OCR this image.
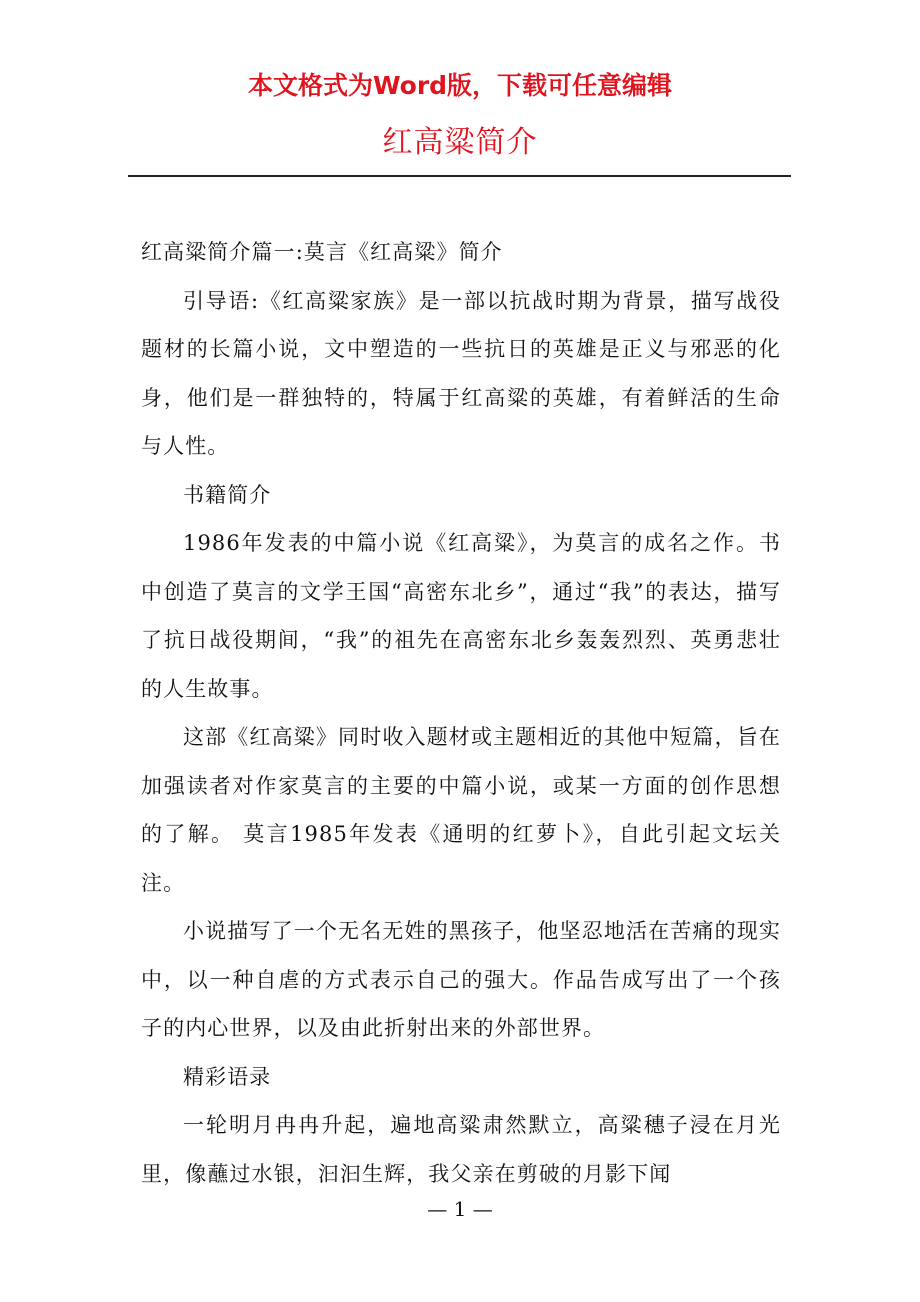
本文格式为Word版，下载可任意编辑
红高粱简介

红高粱简介篇一:莫言《红高粱》简介

引导语:《红高粱家族》是一部以抗战时期为背景，描写战役题材的长篇小说，文中塑造的一些抗日的英雄是正义与邪恶的化身，他们是一群独特的，特属于红高粱的英雄，有着鲜活的生命与人性。

书籍简介

1986年发表的中篇小说《红高粱》，为莫言的成名之作。书中创造了莫言的文学王国“高密东北乡”，通过“我”的表达，描写了抗日战役期间，“我”的祖先在高密东北乡轰轰烈烈、英勇悲壮的人生故事。

这部《红高粱》同时收入题材或主题相近的其他中短篇，旨在加强读者对作家莫言的主要的中篇小说，或某一方面的创作思想的了解。 莫言1985年发表《通明的红萝卜》，自此引起文坛关注。

小说描写了一个无名无姓的黑孩子，他坚忍地活在苦痛的现实中，以一种自虐的方式表示自己的强大。作品告成写出了一个孩子的内心世界，以及由此折射出来的外部世界。

精彩语录

一轮明月冉冉升起，遍地高粱肃然默立，高粱穗子浸在月光里，像蘸过水银，汩汩生辉，我父亲在剪破的月影下闻

— 1 —
